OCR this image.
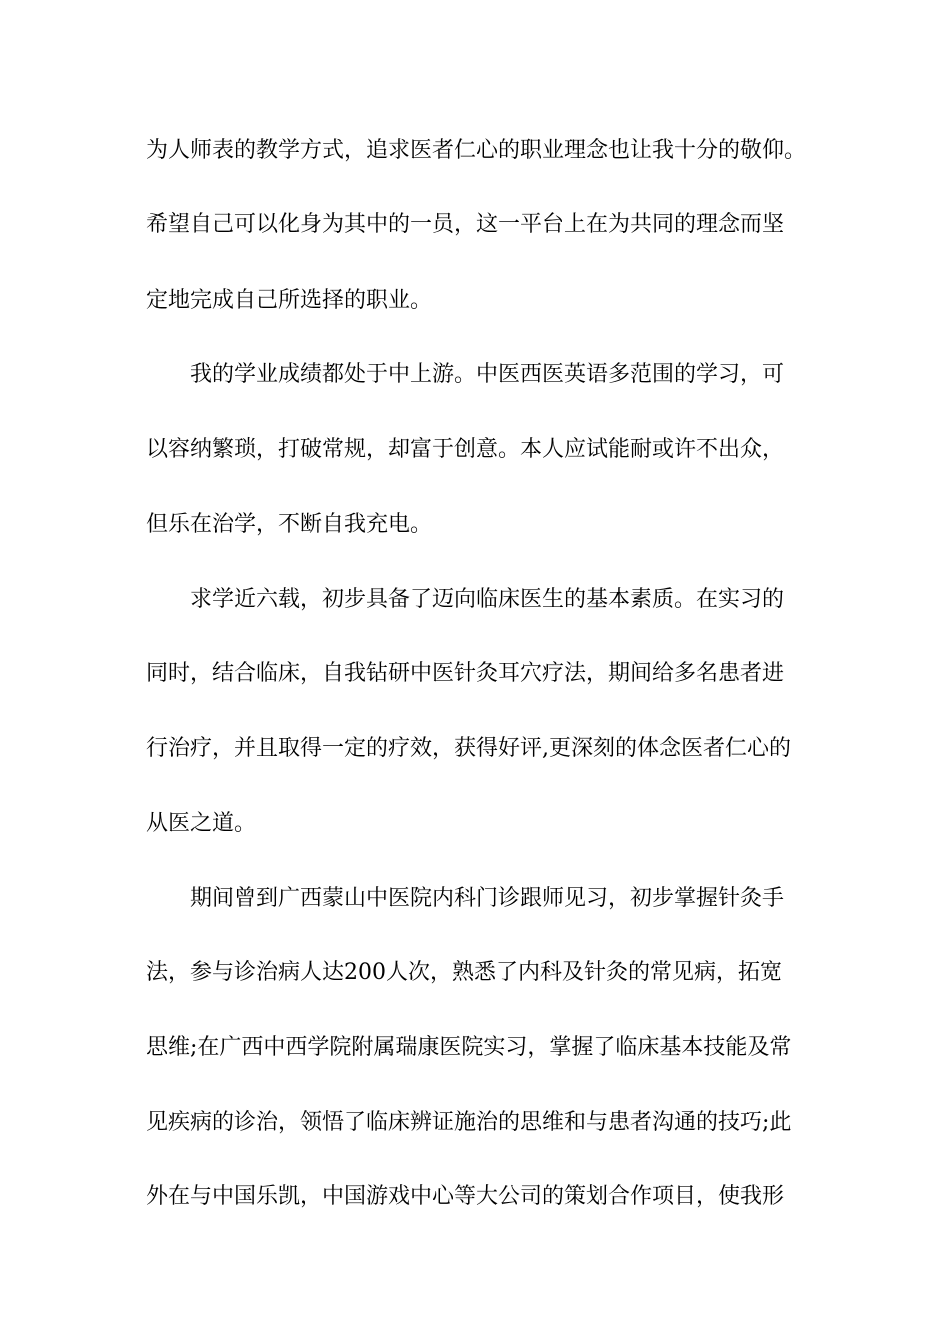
为人师表的教学方式，追求医者仁心的职业理念也让我十分的敬仰。
希望自己可以化身为其中的一员，这一平台上在为共同的理念而坚
定地完成自己所选择的职业。
我的学业成绩都处于中上游。中医西医英语多范围的学习，可
以容纳繁琐，打破常规，却富于创意。本人应试能耐或许不出众，
但乐在治学，不断自我充电。
求学近六载，初步具备了迈向临床医生的基本素质。在实习的
同时，结合临床，自我钻研中医针灸耳穴疗法，期间给多名患者进
行治疗，并且取得一定的疗效，获得好评,更深刻的体念医者仁心的
从医之道。
期间曾到广西蒙山中医院内科门诊跟师见习，初步掌握针灸手
法，参与诊治病人达200人次，熟悉了内科及针灸的常见病，拓宽
思维;在广西中西学院附属瑞康医院实习，掌握了临床基本技能及常
见疾病的诊治，领悟了临床辨证施治的思维和与患者沟通的技巧;此
外在与中国乐凯，中国游戏中心等大公司的策划合作项目，使我形
